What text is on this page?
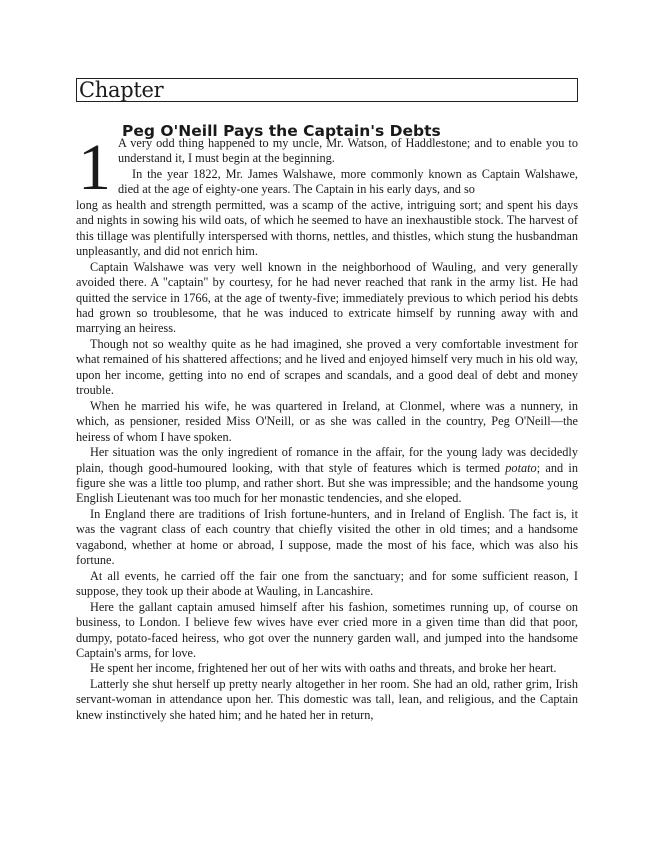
Chapter
Peg O'Neill Pays the Captain's Debts
1 A very odd thing happened to my uncle, Mr. Watson, of Haddlestone; and to enable you to understand it, I must begin at the beginning.

In the year 1822, Mr. James Walshawe, more commonly known as Captain Walshawe, died at the age of eighty-one years. The Captain in his early days, and so

long as health and strength permitted, was a scamp of the active, intriguing sort; and spent his days and nights in sowing his wild oats, of which he seemed to have an inexhaustible stock. The harvest of this tillage was plentifully interspersed with thorns, nettles, and thistles, which stung the husbandman unpleasantly, and did not enrich him.

Captain Walshawe was very well known in the neighborhood of Wauling, and very generally avoided there. A "captain" by courtesy, for he had never reached that rank in the army list. He had quitted the service in 1766, at the age of twenty-five; immediately previous to which period his debts had grown so troublesome, that he was induced to extricate himself by running away with and marrying an heiress.

Though not so wealthy quite as he had imagined, she proved a very comfortable investment for what remained of his shattered affections; and he lived and enjoyed himself very much in his old way, upon her income, getting into no end of scrapes and scandals, and a good deal of debt and money trouble.

When he married his wife, he was quartered in Ireland, at Clonmel, where was a nunnery, in which, as pensioner, resided Miss O'Neill, or as she was called in the country, Peg O'Neill—the heiress of whom I have spoken.

Her situation was the only ingredient of romance in the affair, for the young lady was decidedly plain, though good-humoured looking, with that style of features which is termed potato; and in figure she was a little too plump, and rather short. But she was impressible; and the handsome young English Lieutenant was too much for her monastic tendencies, and she eloped.

In England there are traditions of Irish fortune-hunters, and in Ireland of English. The fact is, it was the vagrant class of each country that chiefly visited the other in old times; and a handsome vagabond, whether at home or abroad, I suppose, made the most of his face, which was also his fortune.

At all events, he carried off the fair one from the sanctuary; and for some sufficient reason, I suppose, they took up their abode at Wauling, in Lancashire.

Here the gallant captain amused himself after his fashion, sometimes running up, of course on business, to London. I believe few wives have ever cried more in a given time than did that poor, dumpy, potato-faced heiress, who got over the nunnery garden wall, and jumped into the handsome Captain's arms, for love.

He spent her income, frightened her out of her wits with oaths and threats, and broke her heart.

Latterly she shut herself up pretty nearly altogether in her room. She had an old, rather grim, Irish servant-woman in attendance upon her. This domestic was tall, lean, and religious, and the Captain knew instinctively she hated him; and he hated her in return,
